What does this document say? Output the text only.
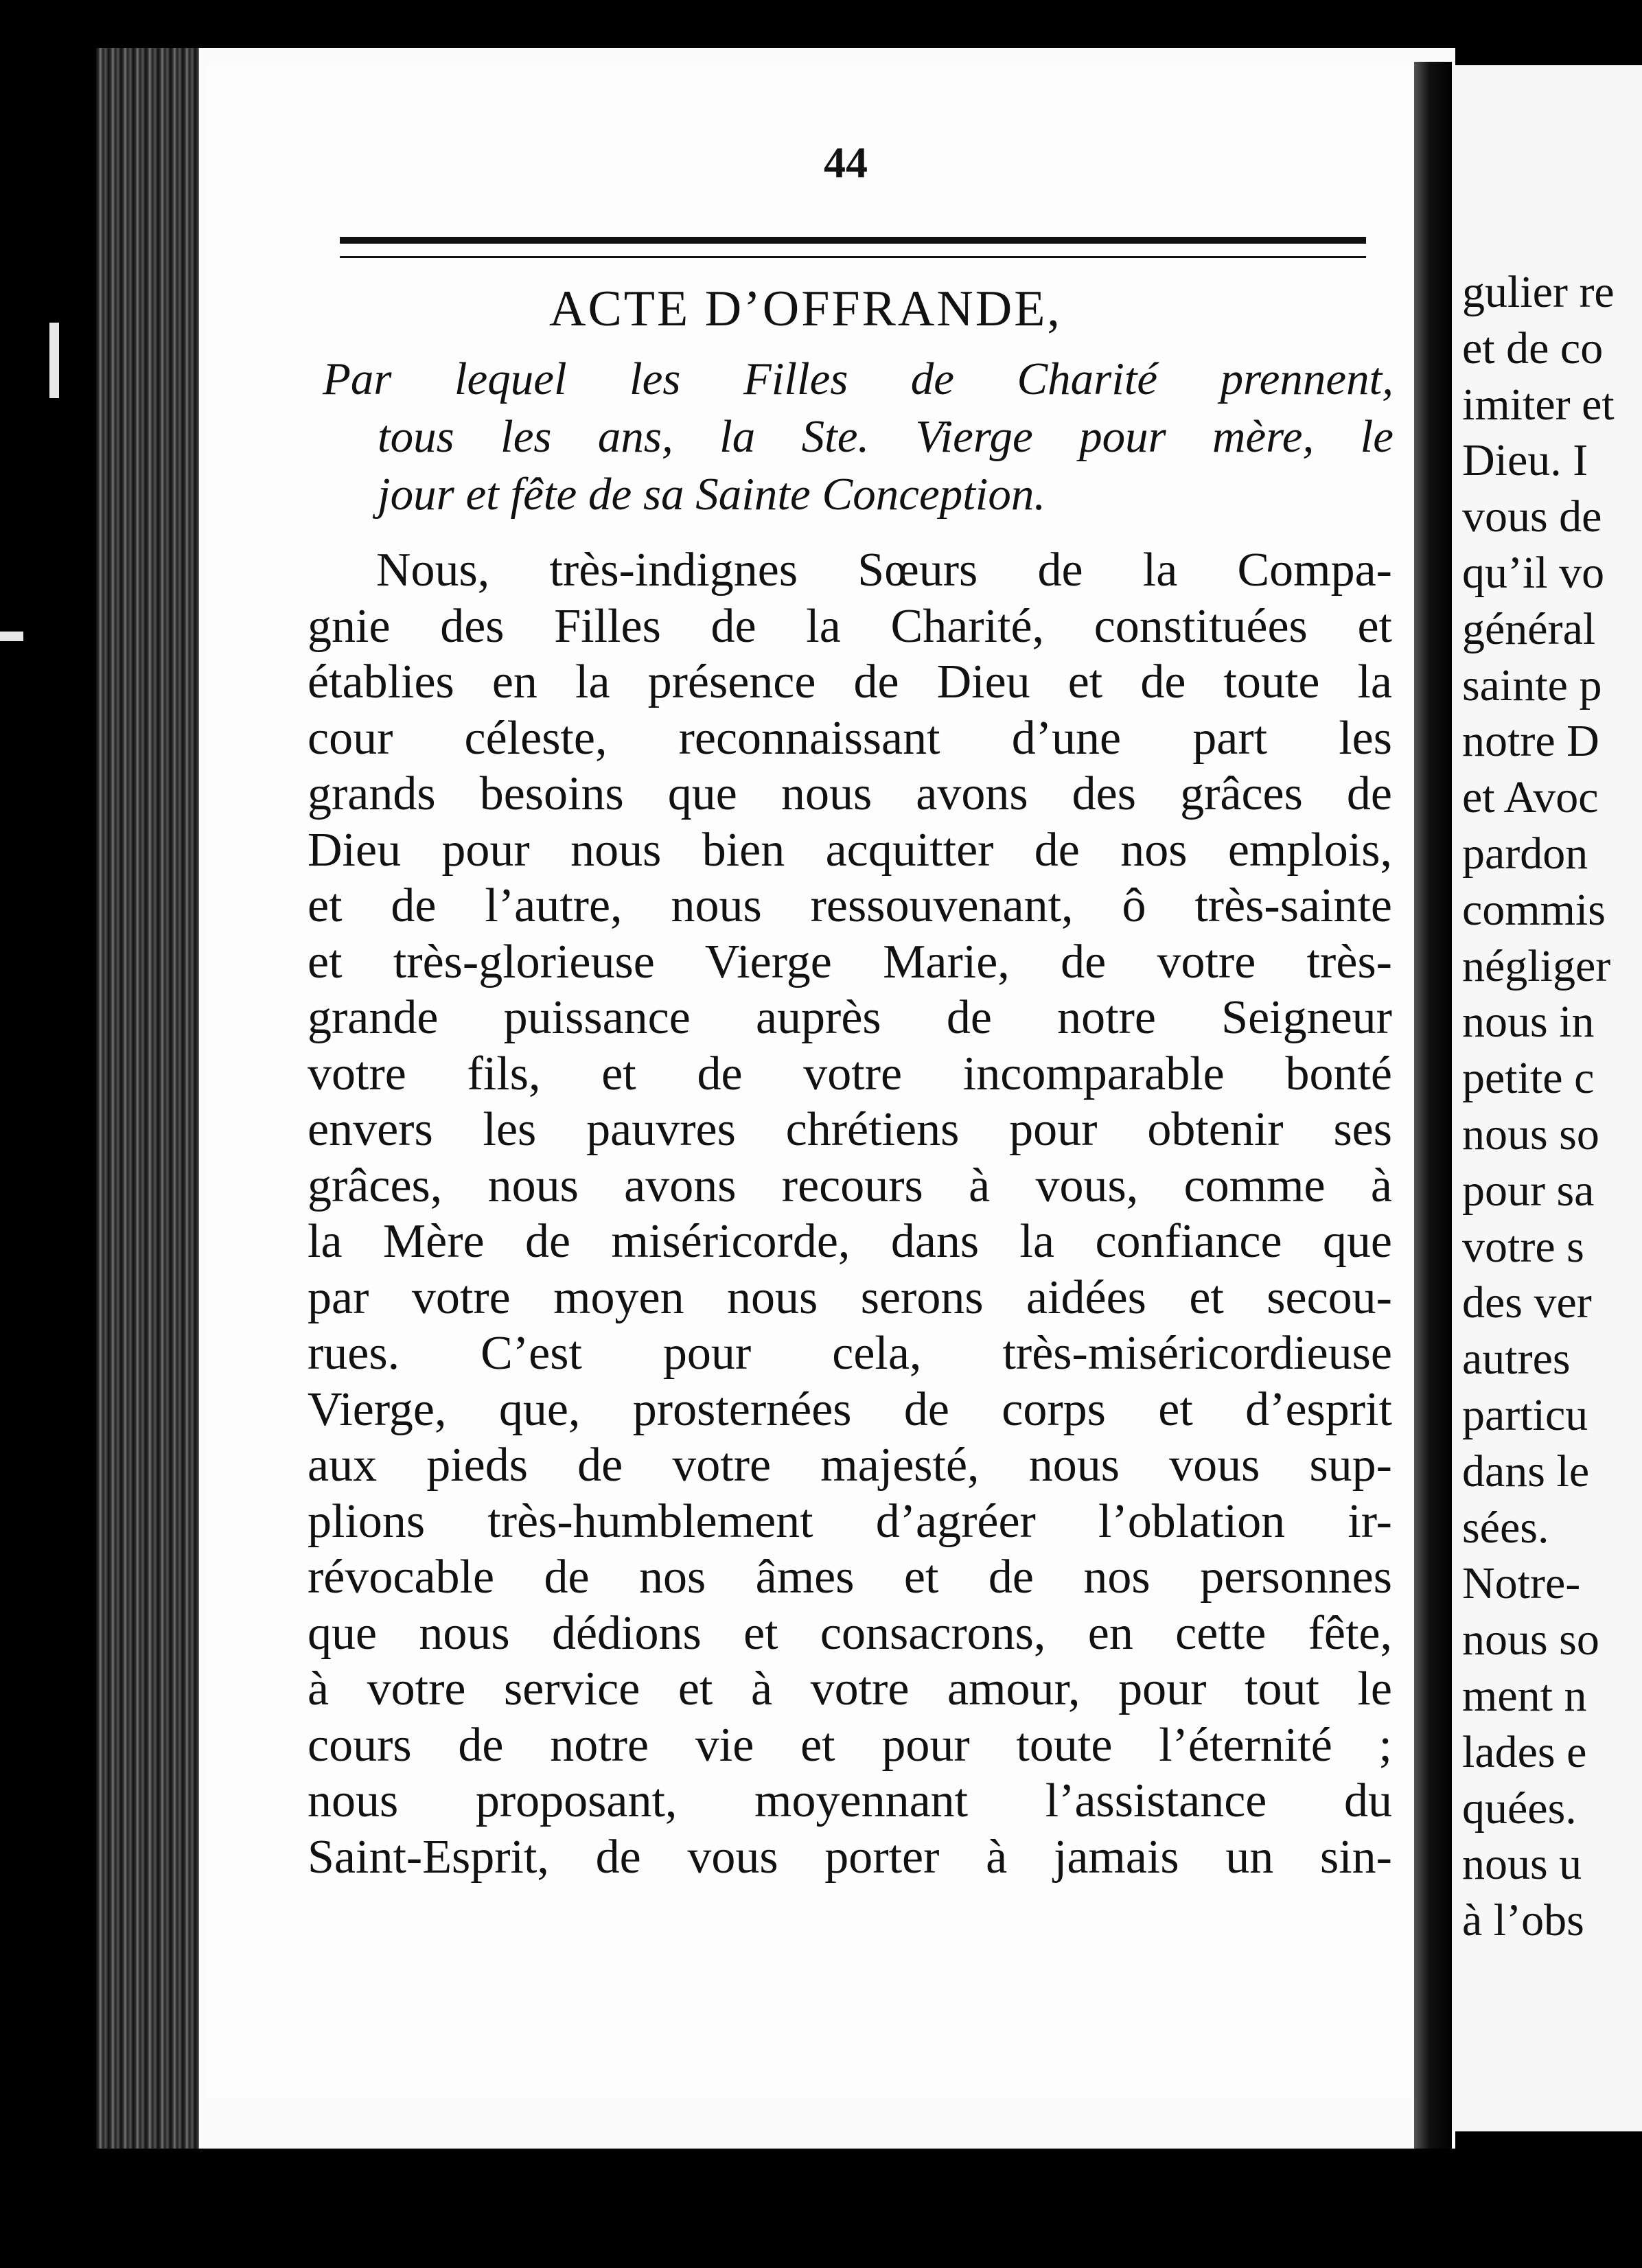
44
ACTE D’OFFRANDE,
Par lequel les Filles de Charité prennent,
tous les ans, la Ste. Vierge pour mère, le
jour et fête de sa Sainte Conception.
Nous, très-indignes Sœurs de la Compa-
gnie des Filles de la Charité, constituées et
établies en la présence de Dieu et de toute la
cour céleste, reconnaissant d’une part les
grands besoins que nous avons des grâces de
Dieu pour nous bien acquitter de nos emplois,
et de l’autre, nous ressouvenant, ô très-sainte
et très-glorieuse Vierge Marie, de votre très-
grande puissance auprès de notre Seigneur
votre fils, et de votre incomparable bonté
envers les pauvres chrétiens pour obtenir ses
grâces, nous avons recours à vous, comme à
la Mère de miséricorde, dans la confiance que
par votre moyen nous serons aidées et secou-
rues. C’est pour cela, très-miséricordieuse
Vierge, que, prosternées de corps et d’esprit
aux pieds de votre majesté, nous vous sup-
plions très-humblement d’agréer l’oblation ir-
révocable de nos âmes et de nos personnes
que nous dédions et consacrons, en cette fête,
à votre service et à votre amour, pour tout le
cours de notre vie et pour toute l’éternité ;
nous proposant, moyennant l’assistance du
Saint-Esprit, de vous porter à jamais un sin-
gulier re
et de co
imiter et
Dieu. I
vous de
qu’il vo
général
sainte p
notre D
et Avoc
pardon
commis
négliger
nous in
petite c
nous so
pour sa
votre s
des ver
autres
particu
dans le
sées.
Notre-
nous so
ment n
lades e
quées.
nous u
à l’obs
